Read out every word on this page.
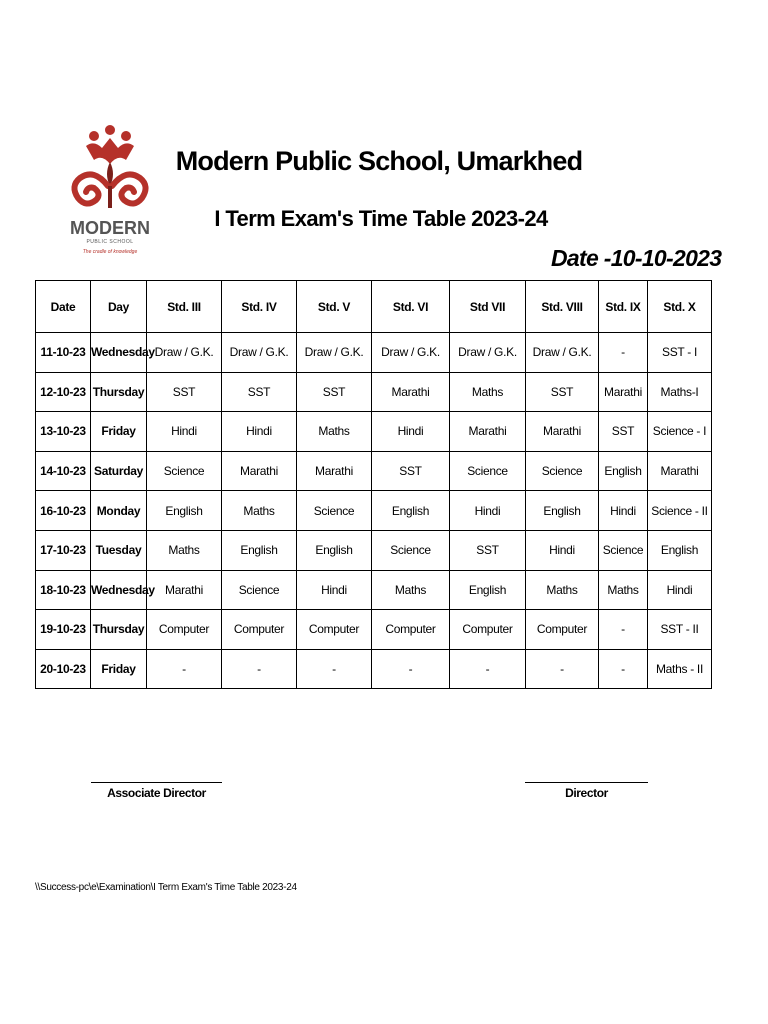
MODERN
PUBLIC SCHOOL
The cradle of knowledge
Modern Public School, Umarkhed
I Term Exam's Time Table 2023-24
Date -10-10-2023
Date	Day	Std. III	Std. IV	Std. V	Std. VI	Std VII	Std. VIII	Std. IX	Std. X
11-10-23	Wednesday	Draw / G.K.	Draw / G.K.	Draw / G.K.	Draw / G.K.	Draw / G.K.	Draw / G.K.	-	SST - I
12-10-23	Thursday	SST	SST	SST	Marathi	Maths	SST	Marathi	Maths-I
13-10-23	Friday	Hindi	Hindi	Maths	Hindi	Marathi	Marathi	SST	Science - I
14-10-23	Saturday	Science	Marathi	Marathi	SST	Science	Science	English	Marathi
16-10-23	Monday	English	Maths	Science	English	Hindi	English	Hindi	Science - II
17-10-23	Tuesday	Maths	English	English	Science	SST	Hindi	Science	English
18-10-23	Wednesday	Marathi	Science	Hindi	Maths	English	Maths	Maths	Hindi
19-10-23	Thursday	Computer	Computer	Computer	Computer	Computer	Computer	-	SST - II
20-10-23	Friday	-	-	-	-	-	-	-	Maths - II
Associate Director	Director
\\Success-pc\e\Examination\I Term Exam's Time Table 2023-24
